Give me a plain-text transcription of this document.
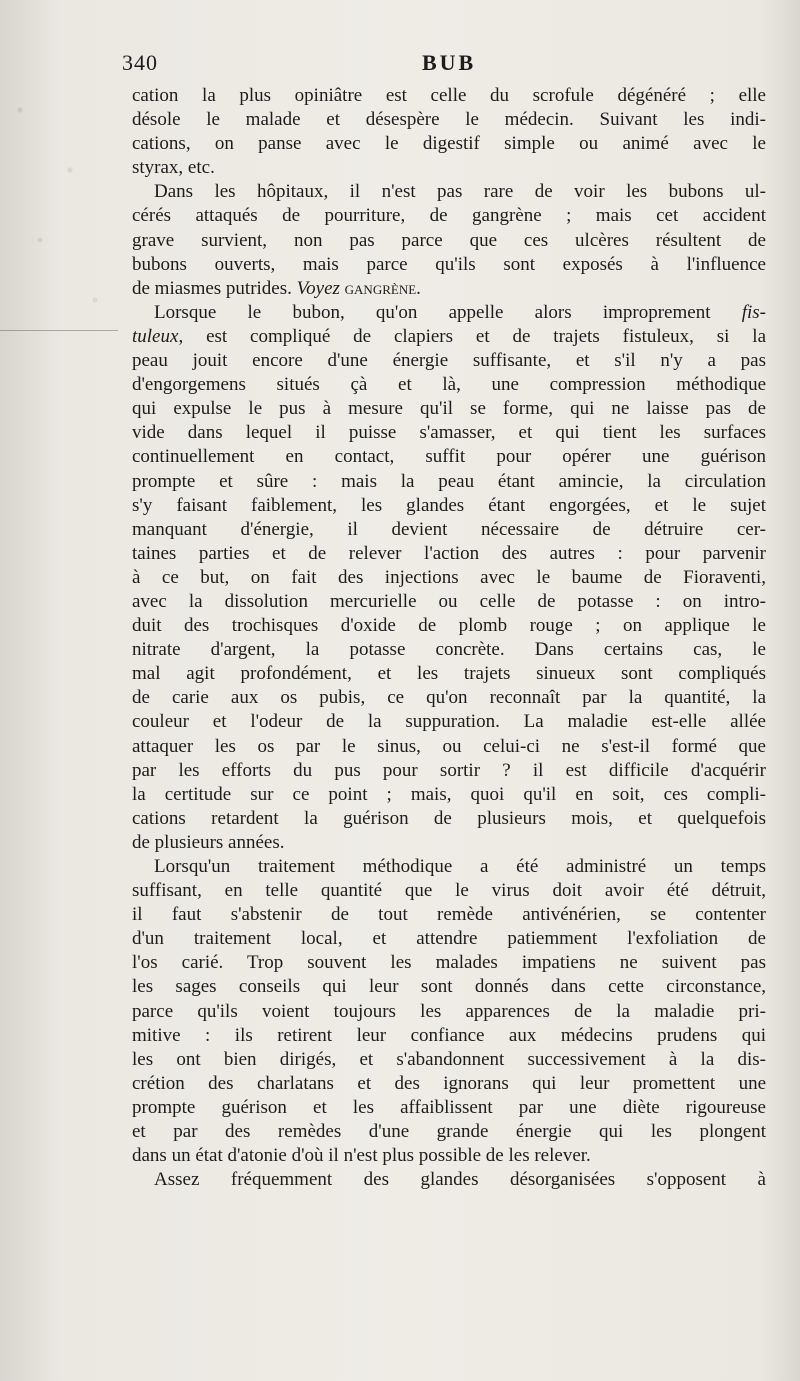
340	BUB

cation la plus opiniâtre est celle du scrofule dégénéré ; elle

désole le malade et désespère le médecin. Suivant les indi-

cations, on panse avec le digestif simple ou animé avec le

styrax, etc.

Dans les hôpitaux, il n'est pas rare de voir les bubons ul-

cérés attaqués de pourriture, de gangrène ; mais cet accident

grave survient, non pas parce que ces ulcères résultent de

bubons ouverts, mais parce qu'ils sont exposés à l'influence

de miasmes putrides. Voyez gangrène.

Lorsque le bubon, qu'on appelle alors improprement fis-

tuleux, est compliqué de clapiers et de trajets fistuleux, si la

peau jouit encore d'une énergie suffisante, et s'il n'y a pas

d'engorgemens situés çà et là, une compression méthodique

qui expulse le pus à mesure qu'il se forme, qui ne laisse pas de

vide dans lequel il puisse s'amasser, et qui tient les surfaces

continuellement en contact, suffit pour opérer une guérison

prompte et sûre : mais la peau étant amincie, la circulation

s'y faisant faiblement, les glandes étant engorgées, et le sujet

manquant d'énergie, il devient nécessaire de détruire cer-

taines parties et de relever l'action des autres : pour parvenir

à ce but, on fait des injections avec le baume de Fioraventi,

avec la dissolution mercurielle ou celle de potasse : on intro-

duit des trochisques d'oxide de plomb rouge ; on applique le

nitrate d'argent, la potasse concrète. Dans certains cas, le

mal agit profondément, et les trajets sinueux sont compliqués

de carie aux os pubis, ce qu'on reconnaît par la quantité, la

couleur et l'odeur de la suppuration. La maladie est-elle allée

attaquer les os par le sinus, ou celui-ci ne s'est-il formé que

par les efforts du pus pour sortir ? il est difficile d'acquérir

la certitude sur ce point ; mais, quoi qu'il en soit, ces compli-

cations retardent la guérison de plusieurs mois, et quelquefois

de plusieurs années.

Lorsqu'un traitement méthodique a été administré un temps

suffisant, en telle quantité que le virus doit avoir été détruit,

il faut s'abstenir de tout remède antivénérien, se contenter

d'un traitement local, et attendre patiemment l'exfoliation de

l'os carié. Trop souvent les malades impatiens ne suivent pas

les sages conseils qui leur sont donnés dans cette circonstance,

parce qu'ils voient toujours les apparences de la maladie pri-

mitive : ils retirent leur confiance aux médecins prudens qui

les ont bien dirigés, et s'abandonnent successivement à la dis-

crétion des charlatans et des ignorans qui leur promettent une

prompte guérison et les affaiblissent par une diète rigoureuse

et par des remèdes d'une grande énergie qui les plongent

dans un état d'atonie d'où il n'est plus possible de les relever.

Assez fréquemment des glandes désorganisées s'opposent à
